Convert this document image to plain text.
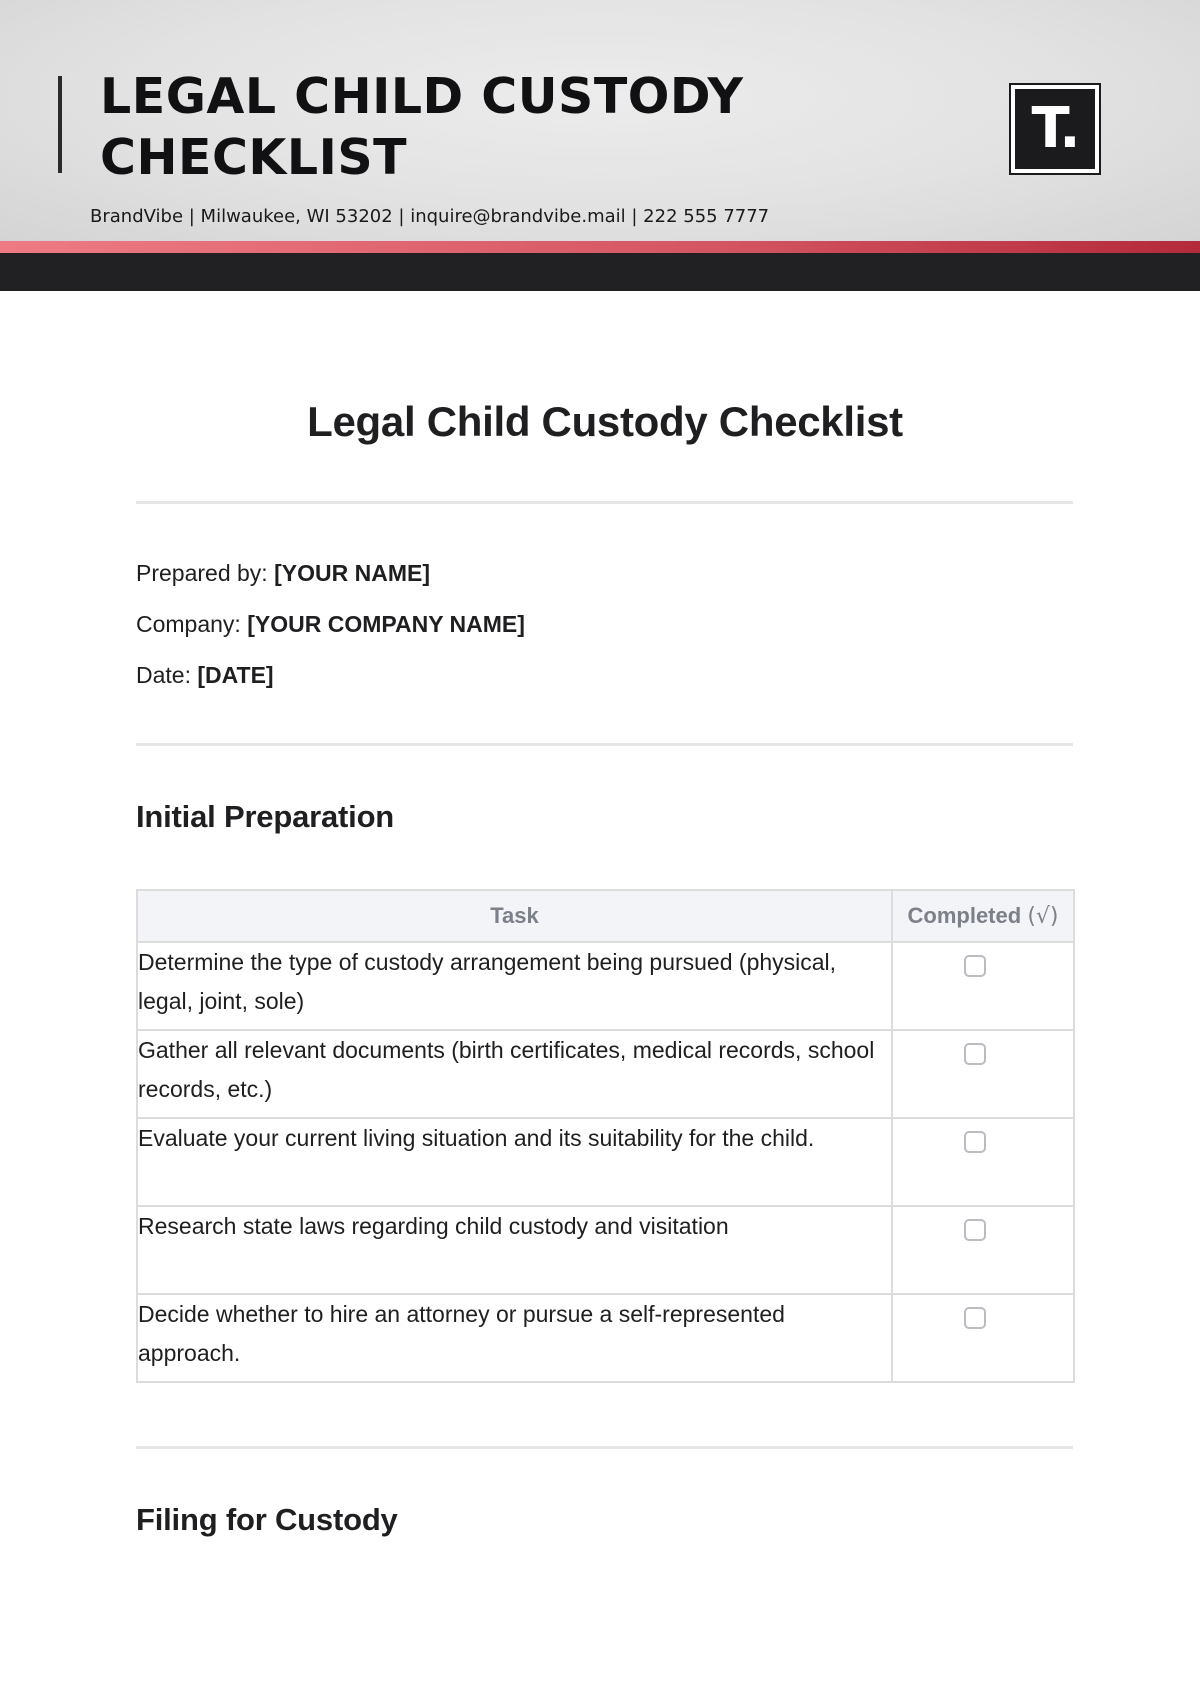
LEGAL CHILD CUSTODY CHECKLIST
BrandVibe | Milwaukee, WI 53202 | inquire@brandvibe.mail | 222 555 7777
T.
Legal Child Custody Checklist
Prepared by: [YOUR NAME]
Company: [YOUR COMPANY NAME]
Date: [DATE]
Initial Preparation
Task	Completed (√)
Determine the type of custody arrangement being pursued (physical, legal, joint, sole)	
Gather all relevant documents (birth certificates, medical records, school records, etc.)	
Evaluate your current living situation and its suitability for the child.	
Research state laws regarding child custody and visitation	
Decide whether to hire an attorney or pursue a self-represented approach.	
Filing for Custody
